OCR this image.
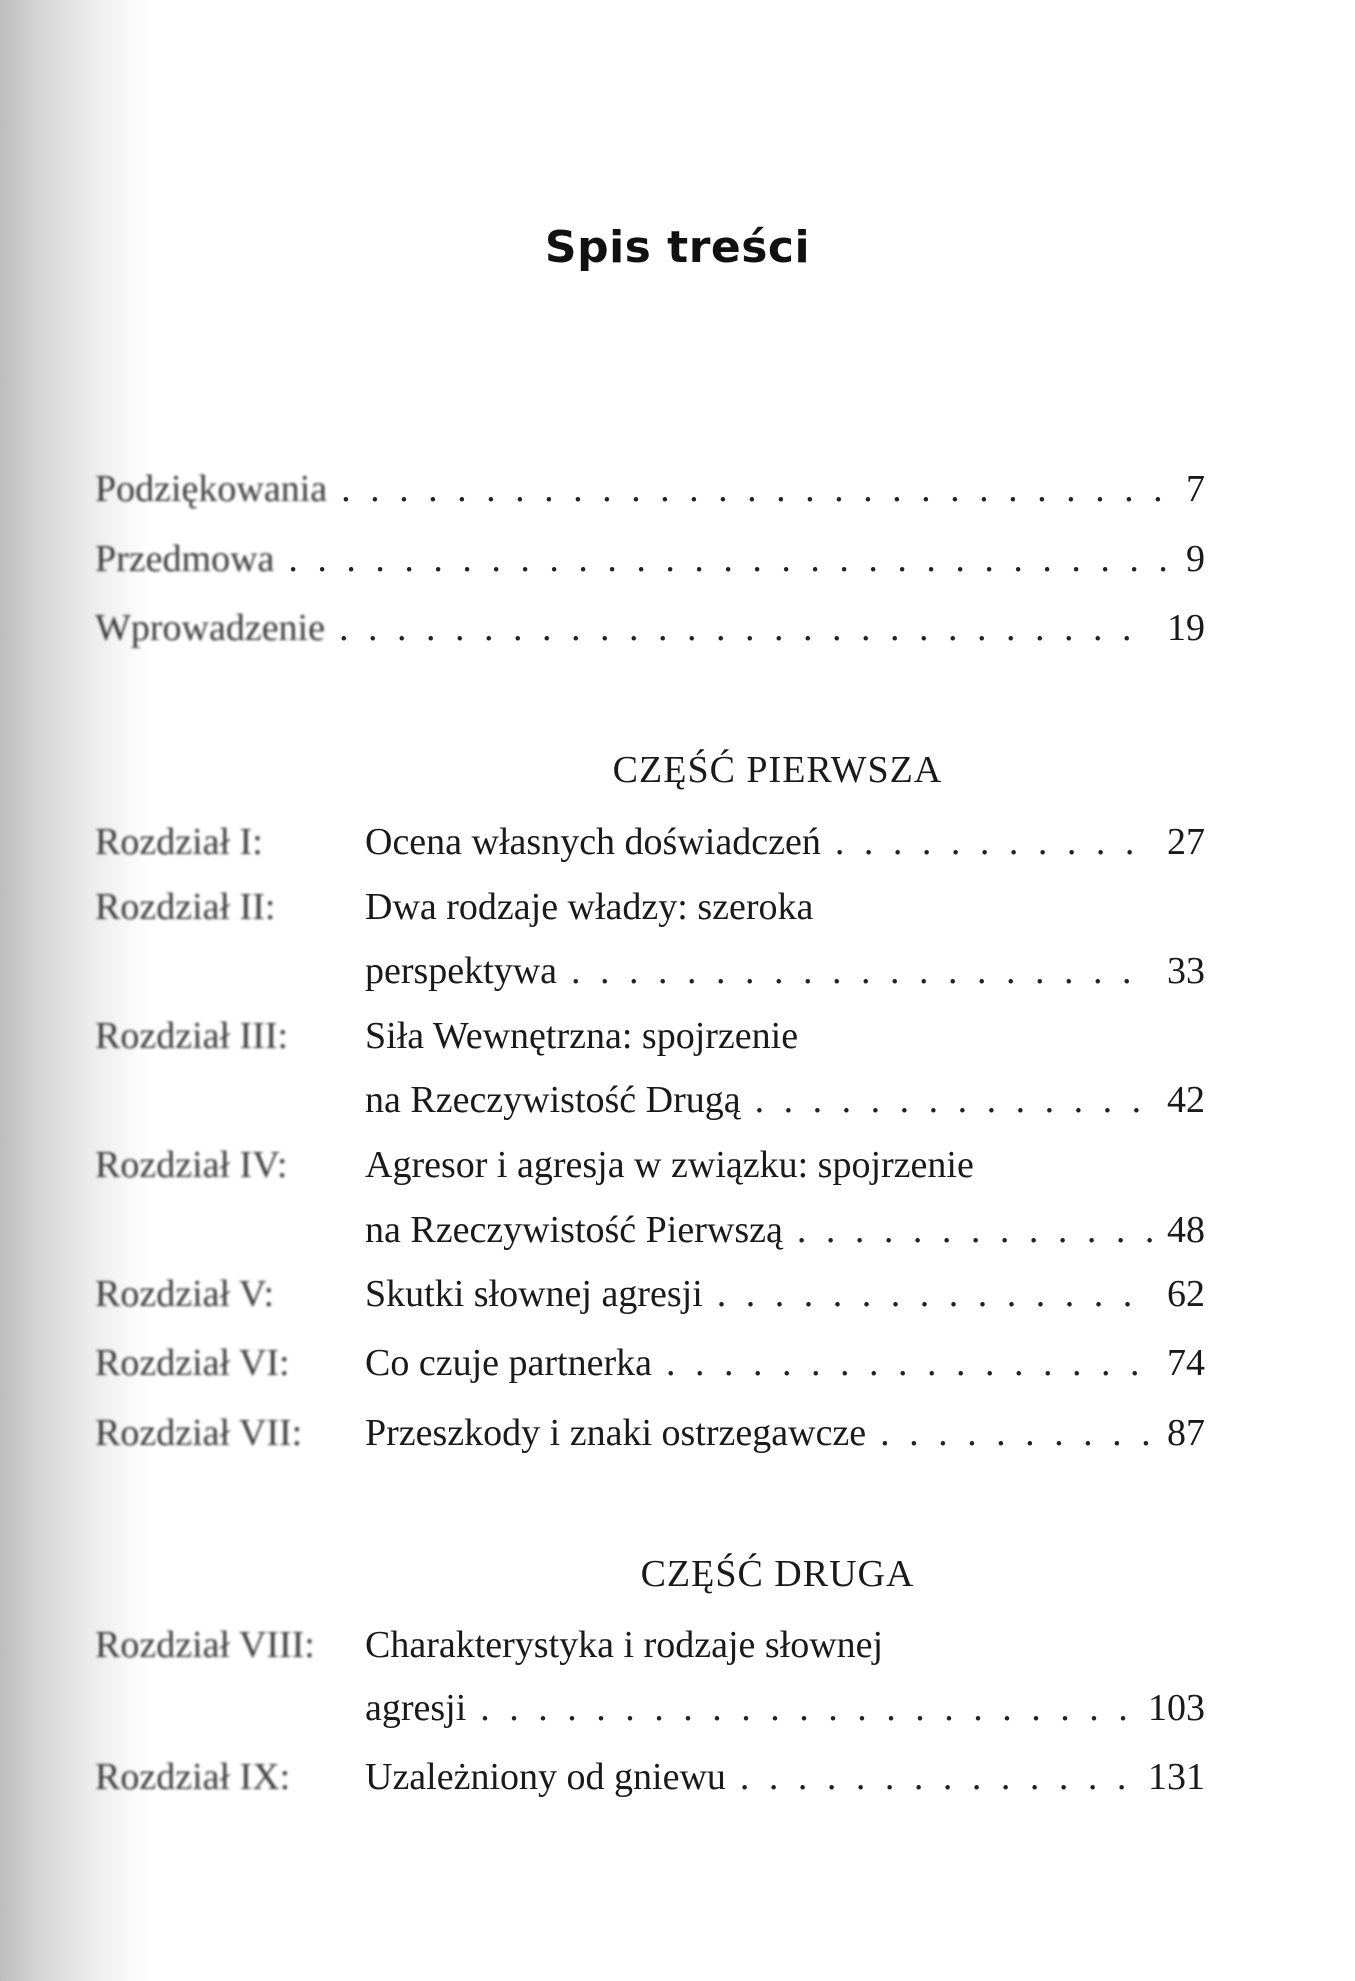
Spis treści
Podziękowania . . .	7
Przedmowa . . .	9
Wprowadzenie . . .	19
CZĘŚĆ PIERWSZA
Rozdział I:	Ocena własnych doświadczeń . . .	27
Rozdział II:	Dwa rodzaje władzy: szeroka
perspektywa . . .	33
Rozdział III:	Siła Wewnętrzna: spojrzenie
na Rzeczywistość Drugą . . .	42
Rozdział IV:	Agresor i agresja w związku: spojrzenie
na Rzeczywistość Pierwszą . . .	48
Rozdział V:	Skutki słownej agresji . . .	62
Rozdział VI:	Co czuje partnerka . . .	74
Rozdział VII:	Przeszkody i znaki ostrzegawcze . . .	87
CZĘŚĆ DRUGA
Rozdział VIII:	Charakterystyka i rodzaje słownej
agresji . . .	103
Rozdział IX:	Uzależniony od gniewu . . .	131
